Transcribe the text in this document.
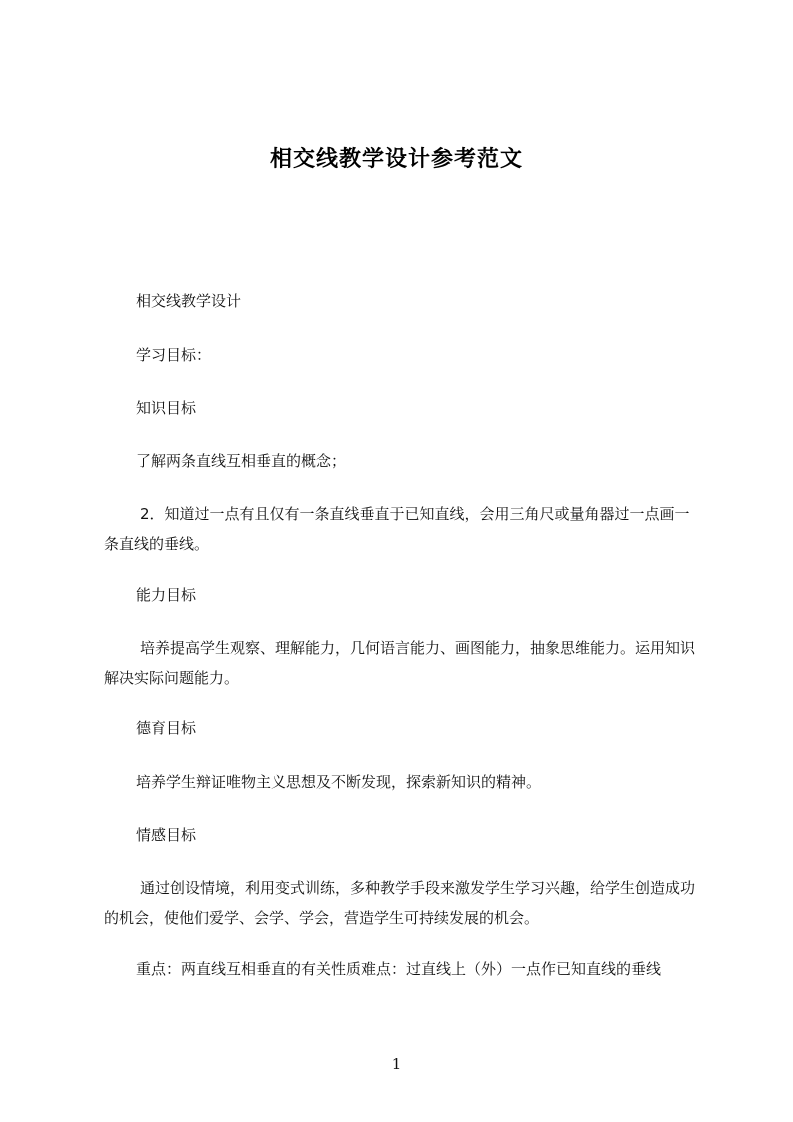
相交线教学设计参考范文
相交线教学设计
学习目标：
知识目标
了解两条直线互相垂直的概念；
2．知道过一点有且仅有一条直线垂直于已知直线，会用三角尺或量角器过一点画一条直线的垂线。
能力目标
培养提高学生观察、理解能力，几何语言能力、画图能力，抽象思维能力。运用知识解决实际问题能力。
德育目标
培养学生辩证唯物主义思想及不断发现，探索新知识的精神。
情感目标
通过创设情境，利用变式训练，多种教学手段来激发学生学习兴趣，给学生创造成功的机会，使他们爱学、会学、学会，营造学生可持续发展的机会。
重点：两直线互相垂直的有关性质难点：过直线上（外）一点作已知直线的垂线
1
